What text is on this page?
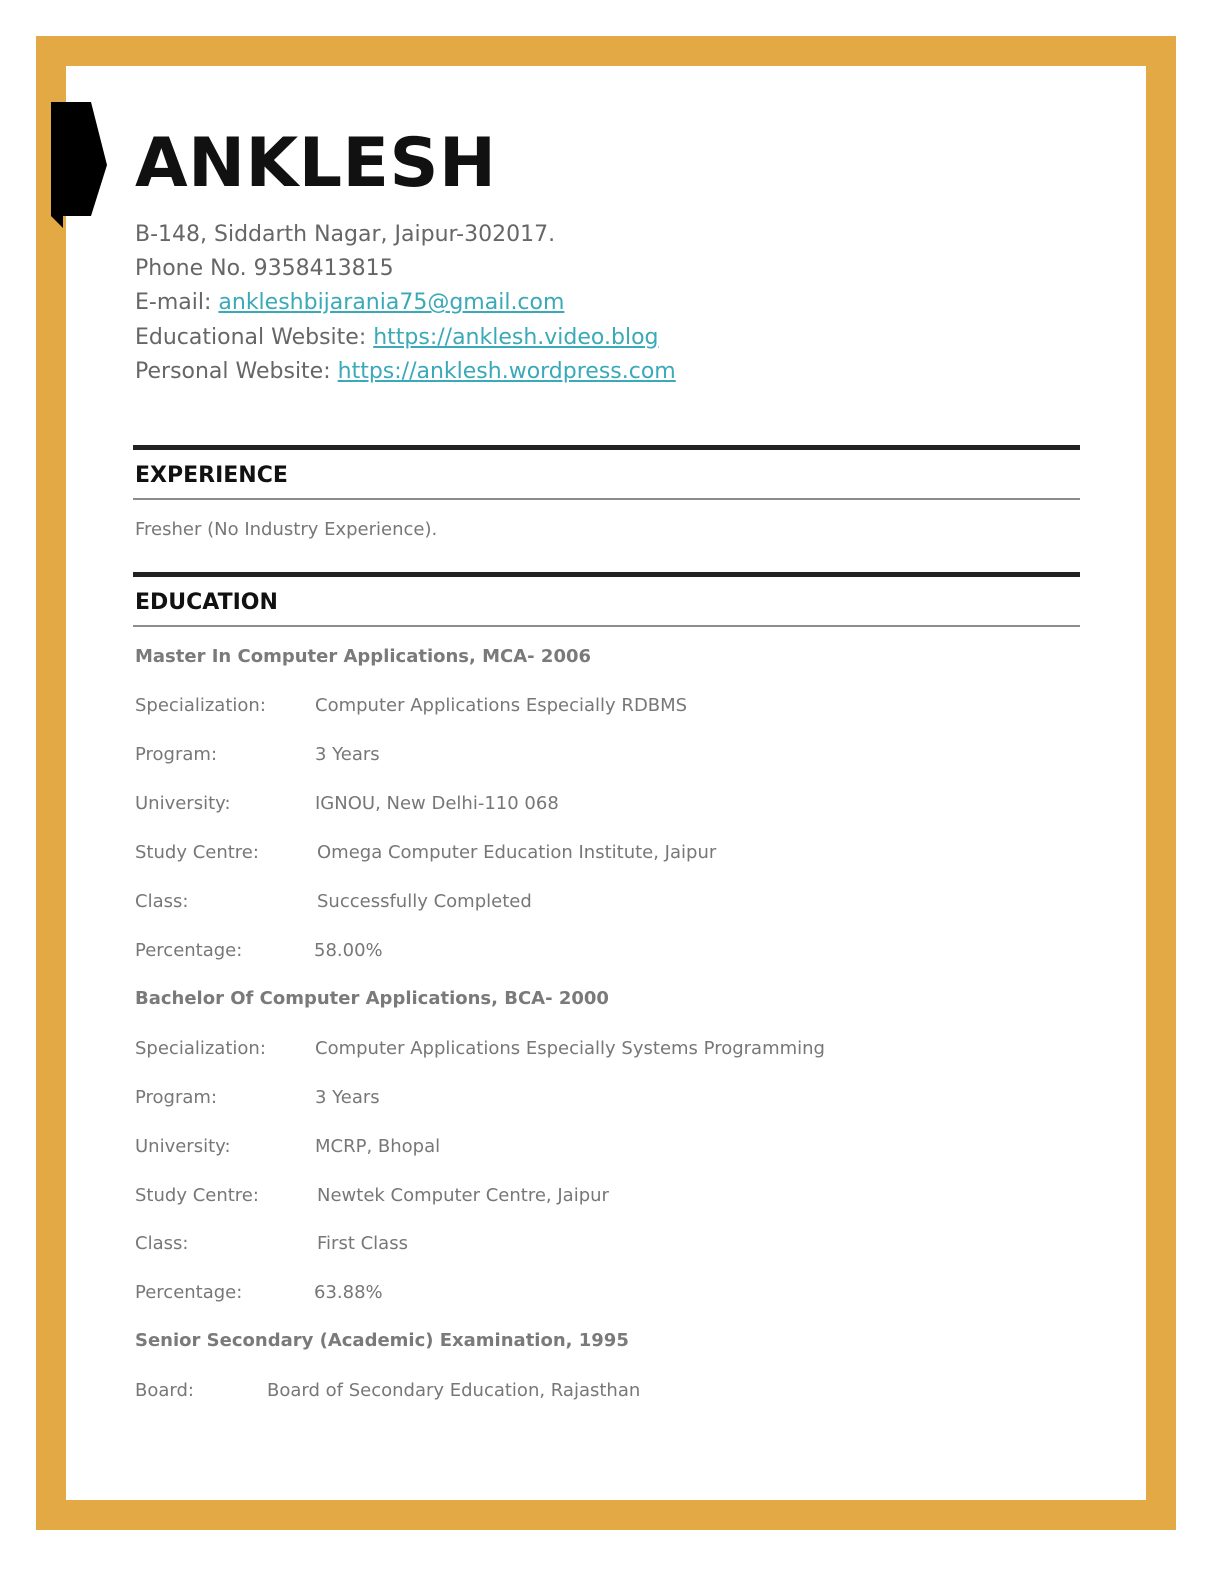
ANKLESH
B-148, Siddarth Nagar, Jaipur-302017.
Phone No. 9358413815
E-mail: ankleshbijarania75@gmail.com
Educational Website: https://anklesh.video.blog
Personal Website: https://anklesh.wordpress.com
EXPERIENCE
Fresher (No Industry Experience).
EDUCATION
Master In Computer Applications, MCA- 2006
Specialization:	Computer Applications Especially RDBMS
Program:	3 Years
University:	IGNOU, New Delhi-110 068
Study Centre:	Omega Computer Education Institute, Jaipur
Class:	Successfully Completed
Percentage:	58.00%
Bachelor Of Computer Applications, BCA- 2000
Specialization:	Computer Applications Especially Systems Programming
Program:	3 Years
University:	MCRP, Bhopal
Study Centre:	Newtek Computer Centre, Jaipur
Class:	First Class
Percentage:	63.88%
Senior Secondary (Academic) Examination, 1995
Board:	Board of Secondary Education, Rajasthan
